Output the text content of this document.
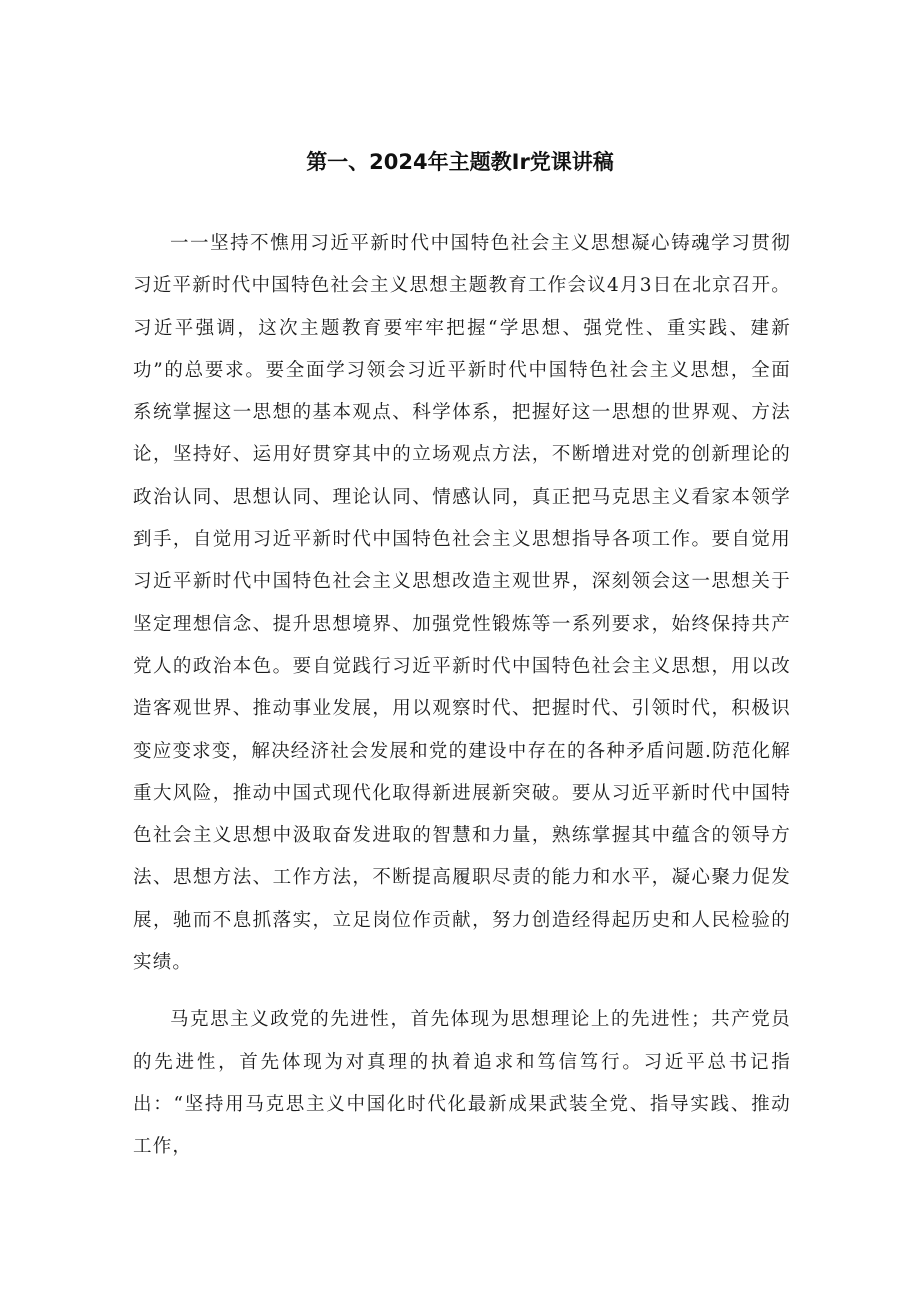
第一、2024年主题教Ir党课讲稿

一一坚持不憔用习近平新时代中国特色社会主义思想凝心铸魂学习贯彻习近平新时代中国特色社会主义思想主题教育工作会议4月3日在北京召开。习近平强调，这次主题教育要牢牢把握“学思想、强党性、重实践、建新功”的总要求。要全面学习领会习近平新时代中国特色社会主义思想，全面系统掌握这一思想的基本观点、科学体系，把握好这一思想的世界观、方法论，坚持好、运用好贯穿其中的立场观点方法，不断增进对党的创新理论的政治认同、思想认同、理论认同、情感认同，真正把马克思主义看家本领学到手，自觉用习近平新时代中国特色社会主义思想指导各项工作。要自觉用习近平新时代中国特色社会主义思想改造主观世界，深刻领会这一思想关于坚定理想信念、提升思想境界、加强党性锻炼等一系列要求，始终保持共产党人的政治本色。要自觉践行习近平新时代中国特色社会主义思想，用以改造客观世界、推动事业发展，用以观察时代、把握时代、引领时代，积极识变应变求变，解决经济社会发展和党的建设中存在的各种矛盾问题.防范化解重大风险，推动中国式现代化取得新进展新突破。要从习近平新时代中国特色社会主义思想中汲取奋发进取的智慧和力量，熟练掌握其中蕴含的领导方法、思想方法、工作方法，不断提高履职尽责的能力和水平，凝心聚力促发展，驰而不息抓落实，立足岗位作贡献，努力创造经得起历史和人民检验的实绩。

马克思主义政党的先进性，首先体现为思想理论上的先进性；共产党员的先进性，首先体现为对真理的执着追求和笃信笃行。习近平总书记指出：“坚持用马克思主义中国化时代化最新成果武装全党、指导实践、推动工作，
